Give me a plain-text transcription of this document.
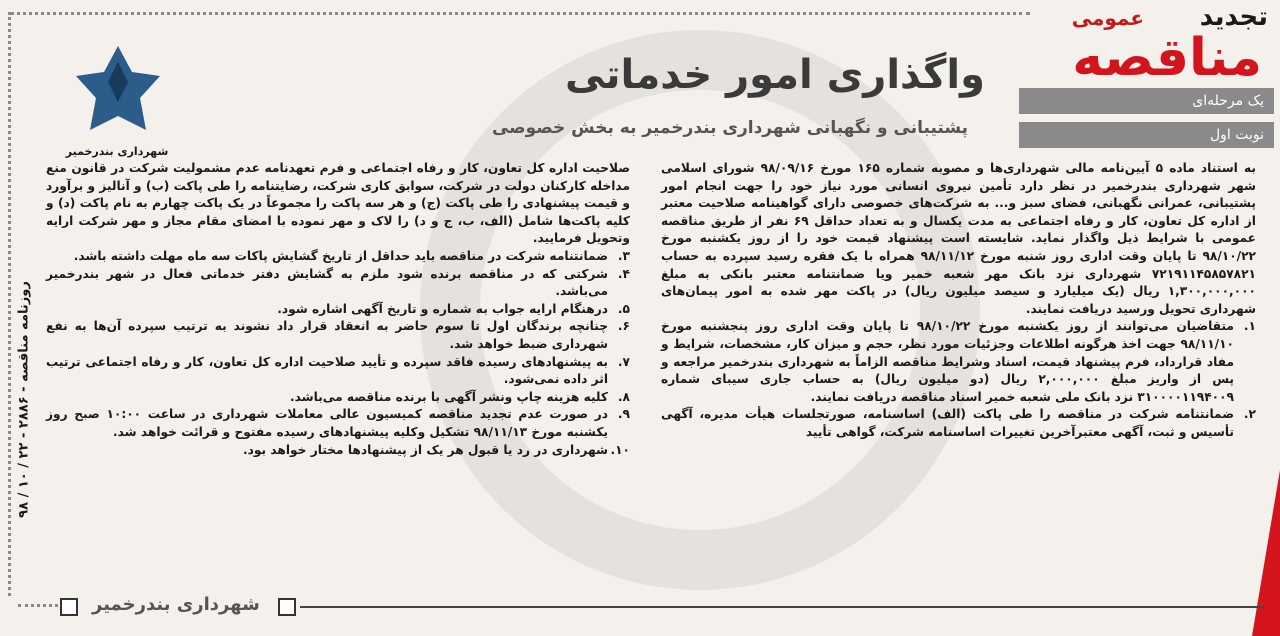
تجدید
عمومی
مناقصه
یک مرحله‌ای
نوبت اول
واگذاری امور خدماتی
پشتیبانی و نگهبانی شهرداری بندرخمیر به بخش خصوصی
شهرداری بندرخمیر
روزنامه مناقصه - ۲۸۸۶ - ۲۲ / ۱۰ / ۹۸

به استناد ماده ۵ آیین‌نامه مالی شهرداری‌ها و مصوبه شماره ۱۶۵ مورخ ۹۸/۰۹/۱۶ شورای اسلامی شهر شهرداری بندرخمیر در نظر دارد تأمین نیروی انسانی مورد نیاز خود را جهت انجام امور پشتیبانی، عمرانی نگهبانی، فضای سبز و... به شرکت‌های خصوصی دارای گواهینامه صلاحیت معتبر از اداره کل تعاون، کار و رفاه اجتماعی به مدت یکسال و به تعداد حداقل ۶۹ نفر از طریق مناقصه عمومی با شرایط ذیل واگذار نماید. شایسته است پیشنهاد قیمت خود را از روز یکشنبه مورخ ۹۸/۱۰/۲۲ تا پایان وقت اداری روز شنبه مورخ ۹۸/۱۱/۱۲ همراه با یک فقره رسید سپرده به حساب ۷۲۱۹۱۱۴۵۸۵۷۸۲۱ شهرداری نزد بانک مهر شعبه خمیر ویا ضمانتنامه معتبر بانکی به مبلغ ۱,۳۰۰,۰۰۰,۰۰۰ ریال (یک میلیارد و سیصد میلیون ریال) در پاکت مهر شده به امور پیمان‌های شهرداری تحویل ورسید دریافت نمایند.

۱.
متقاضیان می‌توانند از روز یکشنبه مورخ ۹۸/۱۰/۲۲ تا پایان وقت اداری روز پنجشنبه مورخ ۹۸/۱۱/۱۰ جهت اخذ هرگونه اطلاعات وجزئیات مورد نظر، حجم و میزان کار، مشخصات، شرایط و مفاد قرارداد، فرم پیشنهاد قیمت، اسناد وشرایط مناقصه الزاماً به شهرداری بندرخمیر مراجعه و پس از واریز مبلغ ۲,۰۰۰,۰۰۰ ریال (دو میلیون ریال) به حساب جاری سیبای شماره ۳۱۰۰۰۰۱۱۹۴۰۰۹ نزد بانک ملی شعبه خمیر اسناد مناقصه دریافت نمایند.
۲.
ضمانتنامه شرکت در مناقصه را طی پاکت (الف) اساسنامه، صورتجلسات هیأت مدیره، آگهی تأسیس و ثبت، آگهی معتبرآخرین تغییرات اساسنامه شرکت، گواهی تأیید

صلاحیت اداره کل تعاون، کار و رفاه اجتماعی و فرم تعهدنامه عدم مشمولیت شرکت در قانون منع مداخله کارکنان دولت در شرکت، سوابق کاری شرکت، رضایتنامه را طی پاکت (ب) و آنالیز و برآورد و قیمت پیشنهادی را طی پاکت (ج) و هر سه پاکت را مجموعاً در یک پاکت چهارم به نام پاکت (د) و کلیه پاکت‌ها شامل (الف، ب، ج و د) را لاک و مهر نموده با امضای مقام مجاز و مهر شرکت ارایه وتحویل فرمایید.

۳.
ضمانتنامه شرکت در مناقصه باید حداقل از تاریخ گشایش پاکات سه ماه مهلت داشته باشد.
۴.
شرکتی که در مناقصه برنده شود ملزم به گشایش دفتر خدماتی فعال در شهر بندرخمیر می‌باشد.
۵.
درهنگام ارایه جواب به شماره و تاریخ آگهی اشاره شود.
۶.
چنانچه برندگان اول تا سوم حاضر به انعقاد قرار داد نشوند به ترتیب سپرده آن‌ها به نفع شهرداری ضبط خواهد شد.
۷.
به پیشنهادهای رسیده فاقد سپرده و تأیید صلاحیت اداره کل تعاون، کار و رفاه اجتماعی ترتیب اثر داده نمی‌شود.
۸.
کلیه هزینه چاپ ونشر آگهی با برنده مناقصه می‌باشد.
۹.
در صورت عدم تجدید مناقصه کمیسیون عالی معاملات شهرداری در ساعت ۱۰:۰۰ صبح روز یکشنبه مورخ ۹۸/۱۱/۱۳ تشکیل وکلیه پیشنهادهای رسیده مفتوح و قرائت خواهد شد.
۱۰.
شهرداری در رد یا قبول هر یک از پیشنهادها مختار خواهد بود.
شهرداری بندرخمیر
